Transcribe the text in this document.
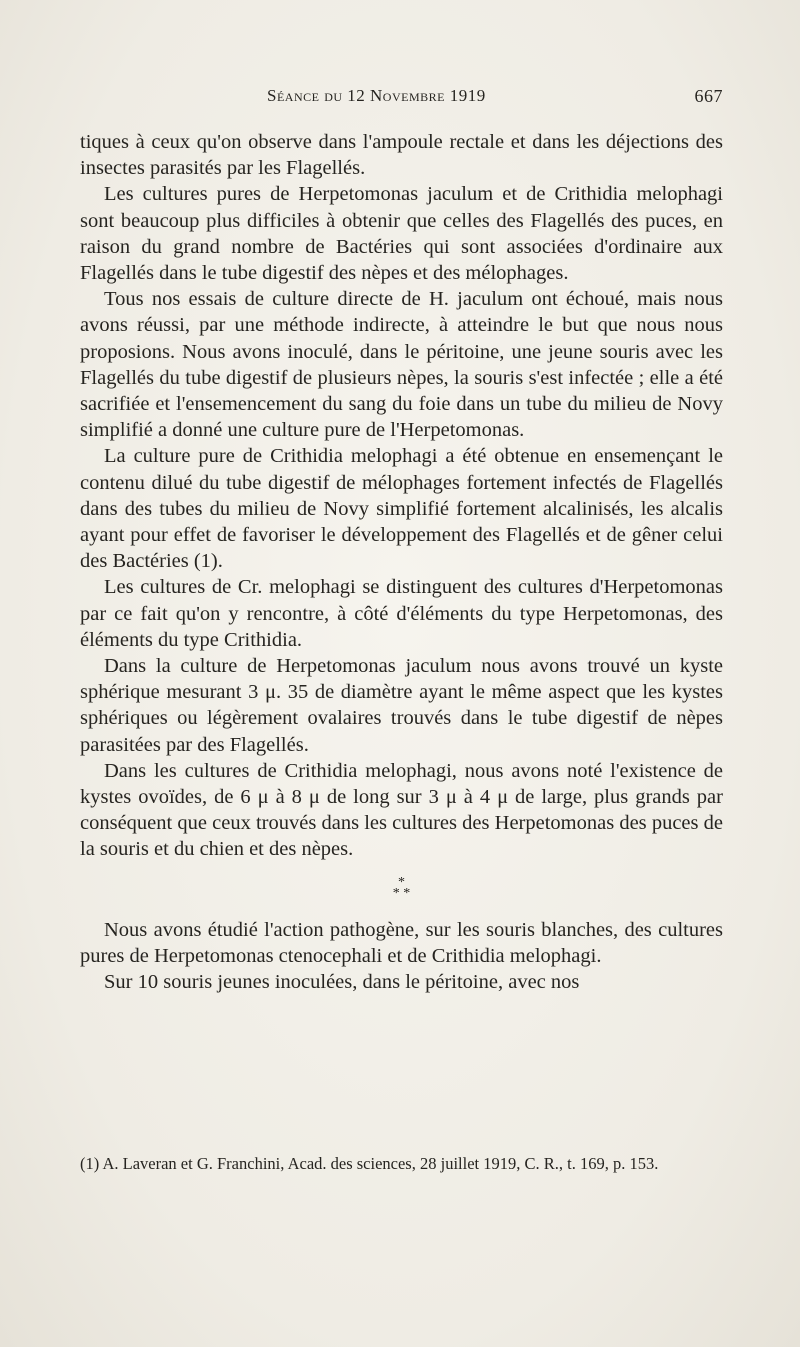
Séance du 12 Novembre 1919	667

tiques à ceux qu'on observe dans l'ampoule rectale et dans les déjections des insectes parasités par les Flagellés.

Les cultures pures de Herpetomonas jaculum et de Crithidia melophagi sont beaucoup plus difficiles à obtenir que celles des Flagellés des puces, en raison du grand nombre de Bactéries qui sont associées d'ordinaire aux Flagellés dans le tube digestif des nèpes et des mélophages.

Tous nos essais de culture directe de H. jaculum ont échoué, mais nous avons réussi, par une méthode indirecte, à atteindre le but que nous nous proposions. Nous avons inoculé, dans le péritoine, une jeune souris avec les Flagellés du tube digestif de plusieurs nèpes, la souris s'est infectée ; elle a été sacrifiée et l'ensemencement du sang du foie dans un tube du milieu de Novy simplifié a donné une culture pure de l'Herpetomonas.

La culture pure de Crithidia melophagi a été obtenue en ensemençant le contenu dilué du tube digestif de mélophages fortement infectés de Flagellés dans des tubes du milieu de Novy simplifié fortement alcalinisés, les alcalis ayant pour effet de favoriser le développement des Flagellés et de gêner celui des Bactéries (1).

Les cultures de Cr. melophagi se distinguent des cultures d'Herpetomonas par ce fait qu'on y rencontre, à côté d'éléments du type Herpetomonas, des éléments du type Crithidia.

Dans la culture de Herpetomonas jaculum nous avons trouvé un kyste sphérique mesurant 3 μ. 35 de diamètre ayant le même aspect que les kystes sphériques ou légèrement ovalaires trouvés dans le tube digestif de nèpes parasitées par des Flagellés.

Dans les cultures de Crithidia melophagi, nous avons noté l'existence de kystes ovoïdes, de 6 μ à 8 μ de long sur 3 μ à 4 μ de large, plus grands par conséquent que ceux trouvés dans les cultures des Herpetomonas des puces de la souris et du chien et des nèpes.

*
* *

Nous avons étudié l'action pathogène, sur les souris blanches, des cultures pures de Herpetomonas ctenocephali et de Crithidia melophagi.

Sur 10 souris jeunes inoculées, dans le péritoine, avec nos

(1) A. Laveran et G. Franchini, Acad. des sciences, 28 juillet 1919, C. R., t. 169, p. 153.
